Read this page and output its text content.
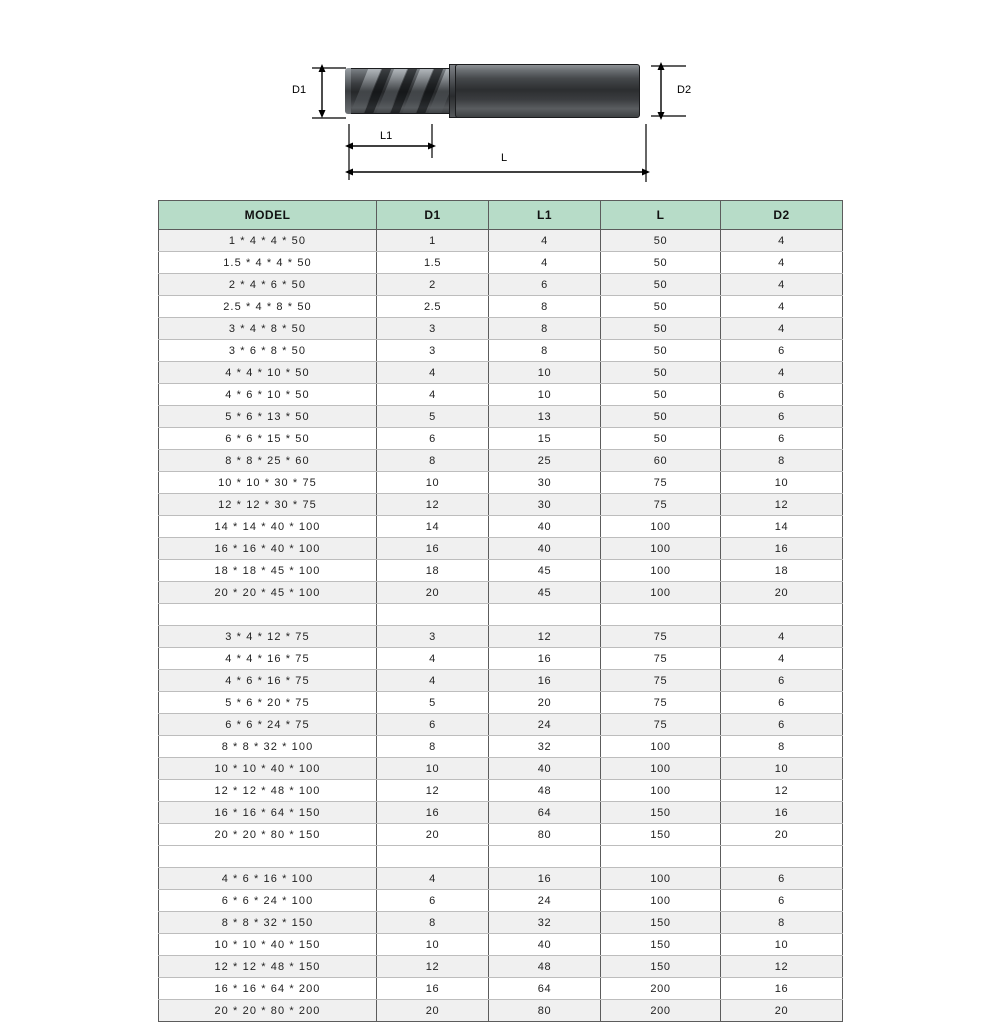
D1	D2
L1
L
MODEL	D1	L1	L	D2
1 * 4 * 4 * 50	1	4	50	4
1.5 * 4 * 4 * 50	1.5	4	50	4
2 * 4 * 6 * 50	2	6	50	4
2.5 * 4 * 8 * 50	2.5	8	50	4
3 * 4 * 8 * 50	3	8	50	4
3 * 6 * 8 * 50	3	8	50	6
4 * 4 * 10 * 50	4	10	50	4
4 * 6 * 10 * 50	4	10	50	6
5 * 6 * 13 * 50	5	13	50	6
6 * 6 * 15 * 50	6	15	50	6
8 * 8 * 25 * 60	8	25	60	8
10 * 10 * 30 * 75	10	30	75	10
12 * 12 * 30 * 75	12	30	75	12
14 * 14 * 40 * 100	14	40	100	14
16 * 16 * 40 * 100	16	40	100	16
18 * 18 * 45 * 100	18	45	100	18
20 * 20 * 45 * 100	20	45	100	20

3 * 4 * 12 * 75	3	12	75	4
4 * 4 * 16 * 75	4	16	75	4
4 * 6 * 16 * 75	4	16	75	6
5 * 6 * 20 * 75	5	20	75	6
6 * 6 * 24 * 75	6	24	75	6
8 * 8 * 32 * 100	8	32	100	8
10 * 10 * 40 * 100	10	40	100	10
12 * 12 * 48 * 100	12	48	100	12
16 * 16 * 64 * 150	16	64	150	16
20 * 20 * 80 * 150	20	80	150	20

4 * 6 * 16 * 100	4	16	100	6
6 * 6 * 24 * 100	6	24	100	6
8 * 8 * 32 * 150	8	32	150	8
10 * 10 * 40 * 150	10	40	150	10
12 * 12 * 48 * 150	12	48	150	12
16 * 16 * 64 * 200	16	64	200	16
20 * 20 * 80 * 200	20	80	200	20
